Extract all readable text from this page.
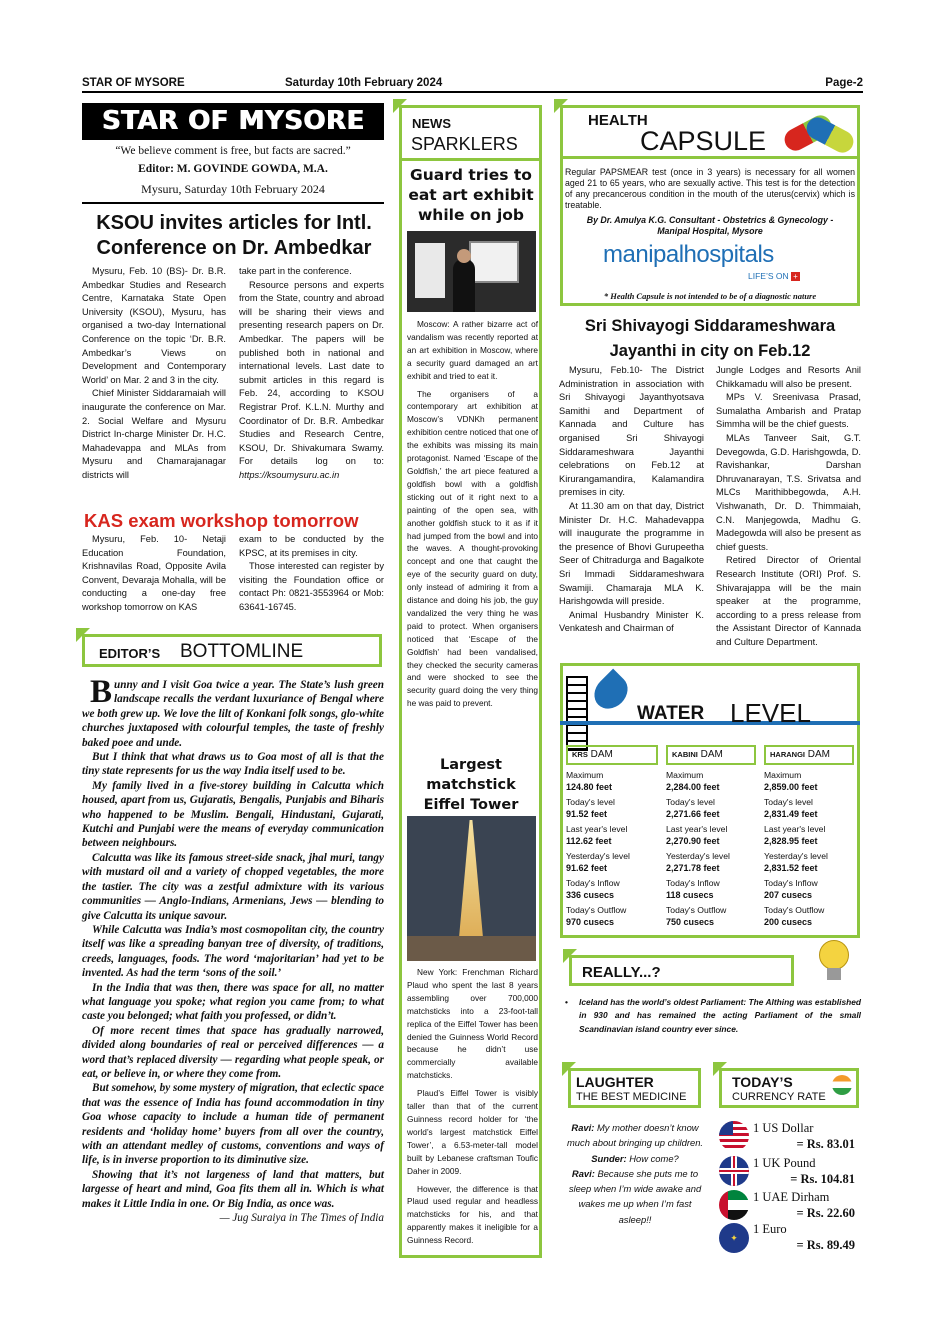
STAR OF MYSORE	Saturday 10th February 2024	Page-2
STAR OF MYSORE
“We believe comment is free, but facts are sacred.”
Editor: M. GOVINDE GOWDA, M.A.
Mysuru, Saturday 10th February 2024
KSOU invites articles for Intl. Conference on Dr. Ambedkar

Mysuru, Feb. 10 (BS)- Dr. B.R. Ambedkar Studies and Research Centre, Karnataka State Open University (KSOU), Mysuru, has organised a two-day International Conference on the topic ‘Dr. B.R. Ambedkar’s Views on Development and Contemporary World’ on Mar. 2 and 3 in the city.

Chief Minister Siddaramaiah will inaugurate the conference on Mar. 2. Social Welfare and Mysuru District In-charge Minister Dr. H.C. Mahadevappa and MLAs from Mysuru and Chamarajanagar districts will

take part in the conference.

Resource persons and experts from the State, country and abroad will be sharing their views and presenting research papers on Dr. Ambedkar. The papers will be published both in national and international levels. Last date to submit articles in this regard is Feb. 24, according to KSOU Registrar Prof. K.L.N. Murthy and Coordinator of Dr. B.R. Ambedkar Studies and Research Centre, KSOU, Dr. Shivakumara Swamy. For details log on to: https://ksoumysuru.ac.in

KAS exam workshop tomorrow

Mysuru, Feb. 10- Netaji Education Foundation, Krishnavilas Road, Opposite Avila Convent, Devaraja Mohalla, will be conducting a one-day free workshop tomorrow on KAS

exam to be conducted by the KPSC, at its premises in city.

Those interested can register by visiting the Foundation office or contact Ph: 0821-3553964 or Mob: 63641-16745.

EDITOR’S BOTTOMLINE

Bunny and I visit Goa twice a year. The State’s lush green landscape recalls the verdant luxuriance of Bengal where we both grew up. We love the lilt of Konkani folk songs, glo-white churches juxtaposed with colourful temples, the taste of freshly baked poee and unde.

But I think that what draws us to Goa most of all is that the tiny state represents for us the way India itself used to be.

My family lived in a five-storey building in Calcutta which housed, apart from us, Gujaratis, Bengalis, Punjabis and Biharis who happened to be Muslim. Bengali, Hindustani, Gujarati, Kutchi and Punjabi were the means of everyday communication between neighbours.

Calcutta was like its famous street-side snack, jhal muri, tangy with mustard oil and a variety of chopped vegetables, the more the tastier. The city was a zestful admixture with its various communities — Anglo-Indians, Armenians, Jews — blending to give Calcutta its unique savour.

While Calcutta was India’s most cosmopolitan city, the country itself was like a spreading banyan tree of diversity, of traditions, creeds, languages, foods. The word ‘majoritarian’ had yet to be invented. As had the term ‘sons of the soil.’

In the India that was then, there was space for all, no matter what language you spoke; what region you came from; to what caste you belonged; what faith you professed, or didn’t.

Of more recent times that space has gradually narrowed, divided along boundaries of real or perceived differences — a word that’s replaced diversity — regarding what people speak, or eat, or believe in, or where they come from.

But somehow, by some mystery of migration, that eclectic space that was the essence of India has found accommodation in tiny Goa whose capacity to include a human tide of permanent residents and ‘holiday home’ buyers from all over the country, with an attendant medley of customs, conventions and ways of life, is in inverse proportion to its diminutive size.

Showing that it’s not largeness of land that matters, but largesse of heart and mind, Goa fits them all in. Which is what makes it Little India in one. Or Big India, as once was.

— Jug Suraiya in The Times of India

NEWS
SPARKLERS
Guard tries to eat art exhibit while on job

Moscow: A rather bizarre act of vandalism was recently reported at an art exhibition in Moscow, where a security guard damaged an art exhibit and tried to eat it.

The organisers of a contemporary art exhibition at Moscow’s VDNKh permanent exhibition centre noticed that one of the exhibits was missing its main protagonist. Named ‘Escape of the Goldfish,’ the art piece featured a goldfish bowl with a goldfish sticking out of it right next to a painting of the open sea, with another goldfish stuck to it as if it had jumped from the bowl and into the waves. A thought-provoking concept and one that caught the eye of the security guard on duty, only instead of admiring it from a distance and doing his job, the guy vandalized the very thing he was paid to protect. When organisers noticed that ‘Escape of the Goldfish’ had been vandalised, they checked the security cameras and were shocked to see the security guard doing the very thing he was paid to prevent.

Largest matchstick Eiffel Tower

New York: Frenchman Richard Plaud who spent the last 8 years assembling over 700,000 matchsticks into a 23-foot-tall replica of the Eiffel Tower has been denied the Guinness World Record because he didn’t use commercially available matchsticks.

Plaud’s Eiffel Tower is visibly taller than that of the current Guinness record holder for ‘the world’s largest matchstick Eiffel Tower’, a 6.53-meter-tall model built by Lebanese craftsman Toufic Daher in 2009.

However, the difference is that Plaud used regular and headless matchsticks for his, and that apparently makes it ineligible for a Guinness Record.

HEALTH
CAPSULE
Regular PAPSMEAR test (once in 3 years) is necessary for all women aged 21 to 65 years, who are sexually active. This test is for the detection of any precancerous condition in the mouth of the uterus(cervix) which is treatable.
By Dr. Amulya K.G. Consultant - Obstetrics & Gynecology - Manipal Hospital, Mysore
manipalhospitals
LIFE’S ON +
* Health Capsule is not intended to be of a diagnostic nature
Sri Shivayogi Siddarameshwara Jayanthi in city on Feb.12

Mysuru, Feb.10- The District Administration in association with Sri Shivayogi Jayanthyotsava Samithi and Department of Kannada and Culture has organised Sri Shivayogi Siddarameshwara Jayanthi celebrations on Feb.12 at Kirurangamandira, Kalamandira premises in city.

At 11.30 am on that day, District Minister Dr. H.C. Mahadevappa will inaugurate the programme in the presence of Bhovi Gurupeetha Seer of Chitradurga and Bagalkote Sri Immadi Siddarameshwara Swamiji. Chamaraja MLA K. Harishgowda will preside.

Animal Husbandry Minister K. Venkatesh and Chairman of

Jungle Lodges and Resorts Anil Chikkamadu will also be present.

MPs V. Sreenivasa Prasad, Sumalatha Ambarish and Pratap Simmha will be the chief guests.

MLAs Tanveer Sait, G.T. Devegowda, G.D. Harishgowda, D. Ravishankar, Darshan Dhruvanarayan, T.S. Srivatsa and MLCs Marithibbegowda, A.H. Vishwanath, Dr. D. Thimmaiah, C.N. Manjegowda, Madhu G. Madegowda will also be present as chief guests.

Retired Director of Oriental Research Institute (ORI) Prof. S. Shivarajappa will be the main speaker at the programme, according to a press release from the Assistant Director of Kannada and Culture Department.

WATER LEVEL
KRS DAM
Maximum
124.80 feet
Today's level
91.52 feet
Last year's level
112.62 feet
Yesterday's level
91.62 feet
Today's Inflow
336 cusecs
Today's Outflow
970 cusecs
KABINI DAM
Maximum
2,284.00 feet
Today's level
2,271.66 feet
Last year's level
2,270.90 feet
Yesterday's level
2,271.78 feet
Today's Inflow
118 cusecs
Today's Outflow
750 cusecs
HARANGI DAM
Maximum
2,859.00 feet
Today's level
2,831.49 feet
Last year's level
2,828.95 feet
Yesterday's level
2,831.52 feet
Today's Inflow
207 cusecs
Today's Outflow
200 cusecs
REALLY...?
• Iceland has the world’s oldest Parliament: The Althing was established in 930 and has remained the acting Parliament of the small Scandinavian island country ever since.
LAUGHTER
THE BEST MEDICINE

Ravi: My mother doesn’t know much about bringing up children.

Sunder: How come?

Ravi: Because she puts me to sleep when I’m wide awake and wakes me up when I’m fast asleep!!

TODAY’S
CURRENCY RATE
1 US Dollar
= Rs. 83.01
1 UK Pound
= Rs. 104.81
1 UAE Dirham
= Rs. 22.60
✦
1 Euro
= Rs. 89.49
